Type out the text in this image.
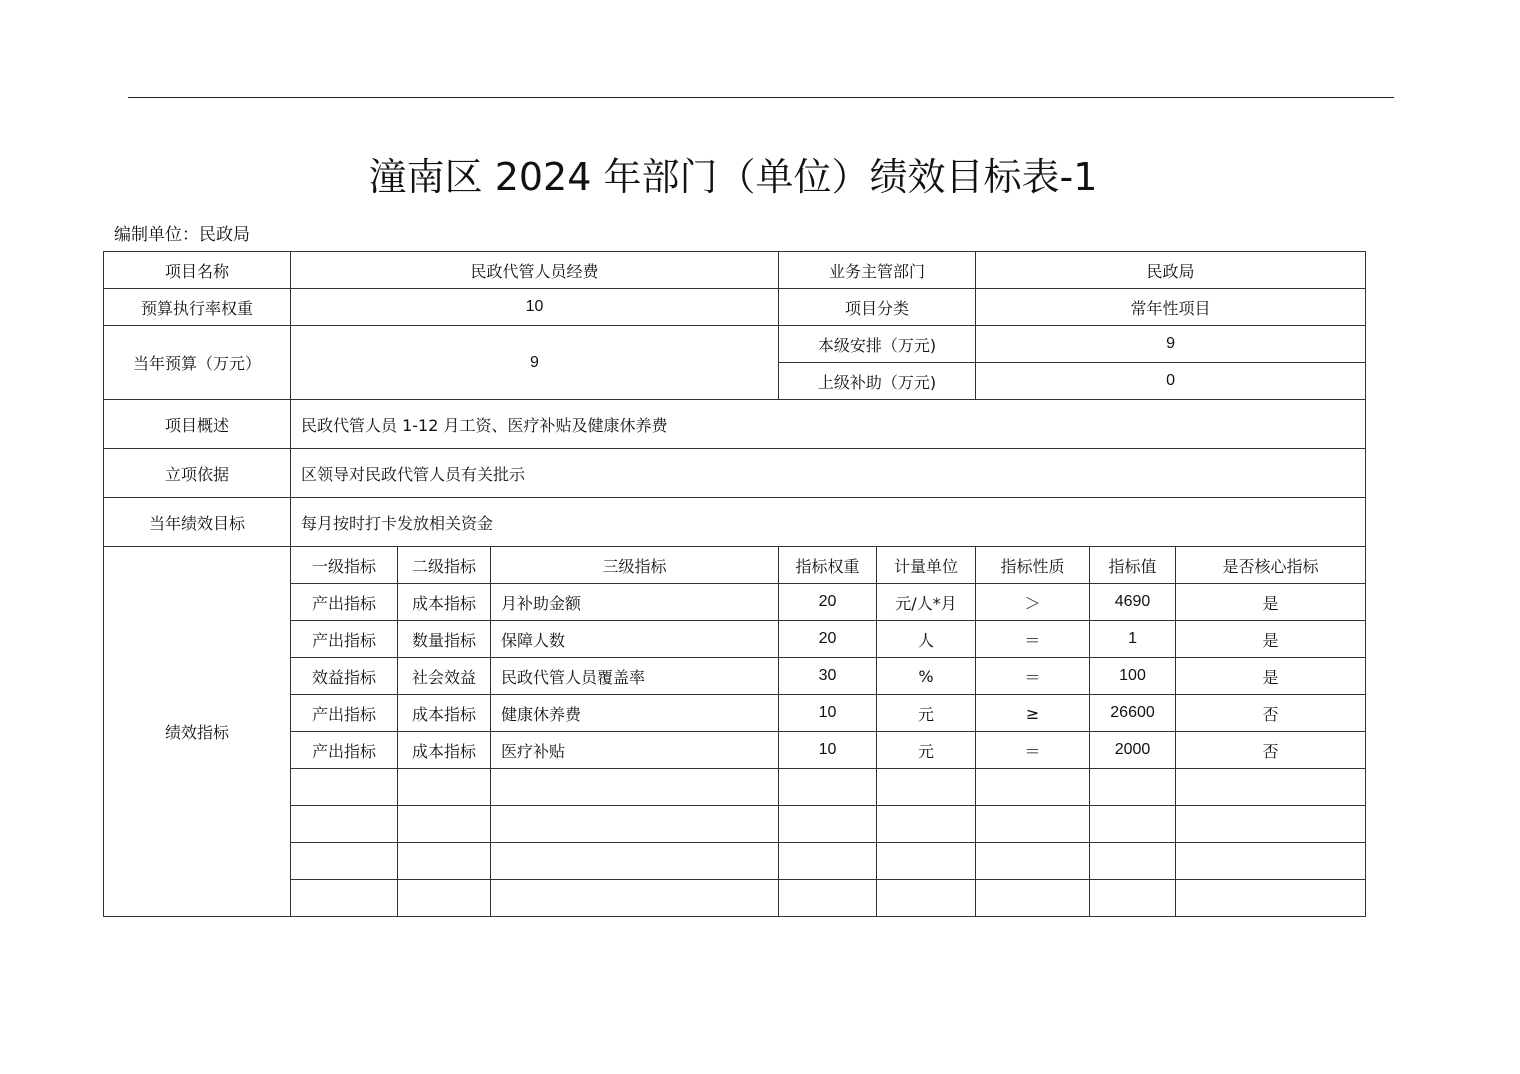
潼南区 2024 年部门（单位）绩效目标表-1
编制单位：民政局
项目名称	民政代管人员经费			业务主管部门		民政局		
预算执行率权重	10			项目分类		常年性项目		
当年预算（万元）	9			本级安排（万元)		9		
				上级补助（万元)		0		
项目概述	民政代管人员 1-12 月工资、医疗补贴及健康休养费							
立项依据	区领导对民政代管人员有关批示							
当年绩效目标	每月按时打卡发放相关资金							
绩效指标	一级指标	二级指标	三级指标	指标权重	计量单位	指标性质	指标值	是否核心指标
	产出指标	成本指标	月补助金额	20	元/人*月	＞	4690	是
	产出指标	数量指标	保障人数	20	人	＝	1	是
	效益指标	社会效益	民政代管人员覆盖率	30	%	＝	100	是
	产出指标	成本指标	健康休养费	10	元	≥	26600	否
	产出指标	成本指标	医疗补贴	10	元	＝	2000	否
